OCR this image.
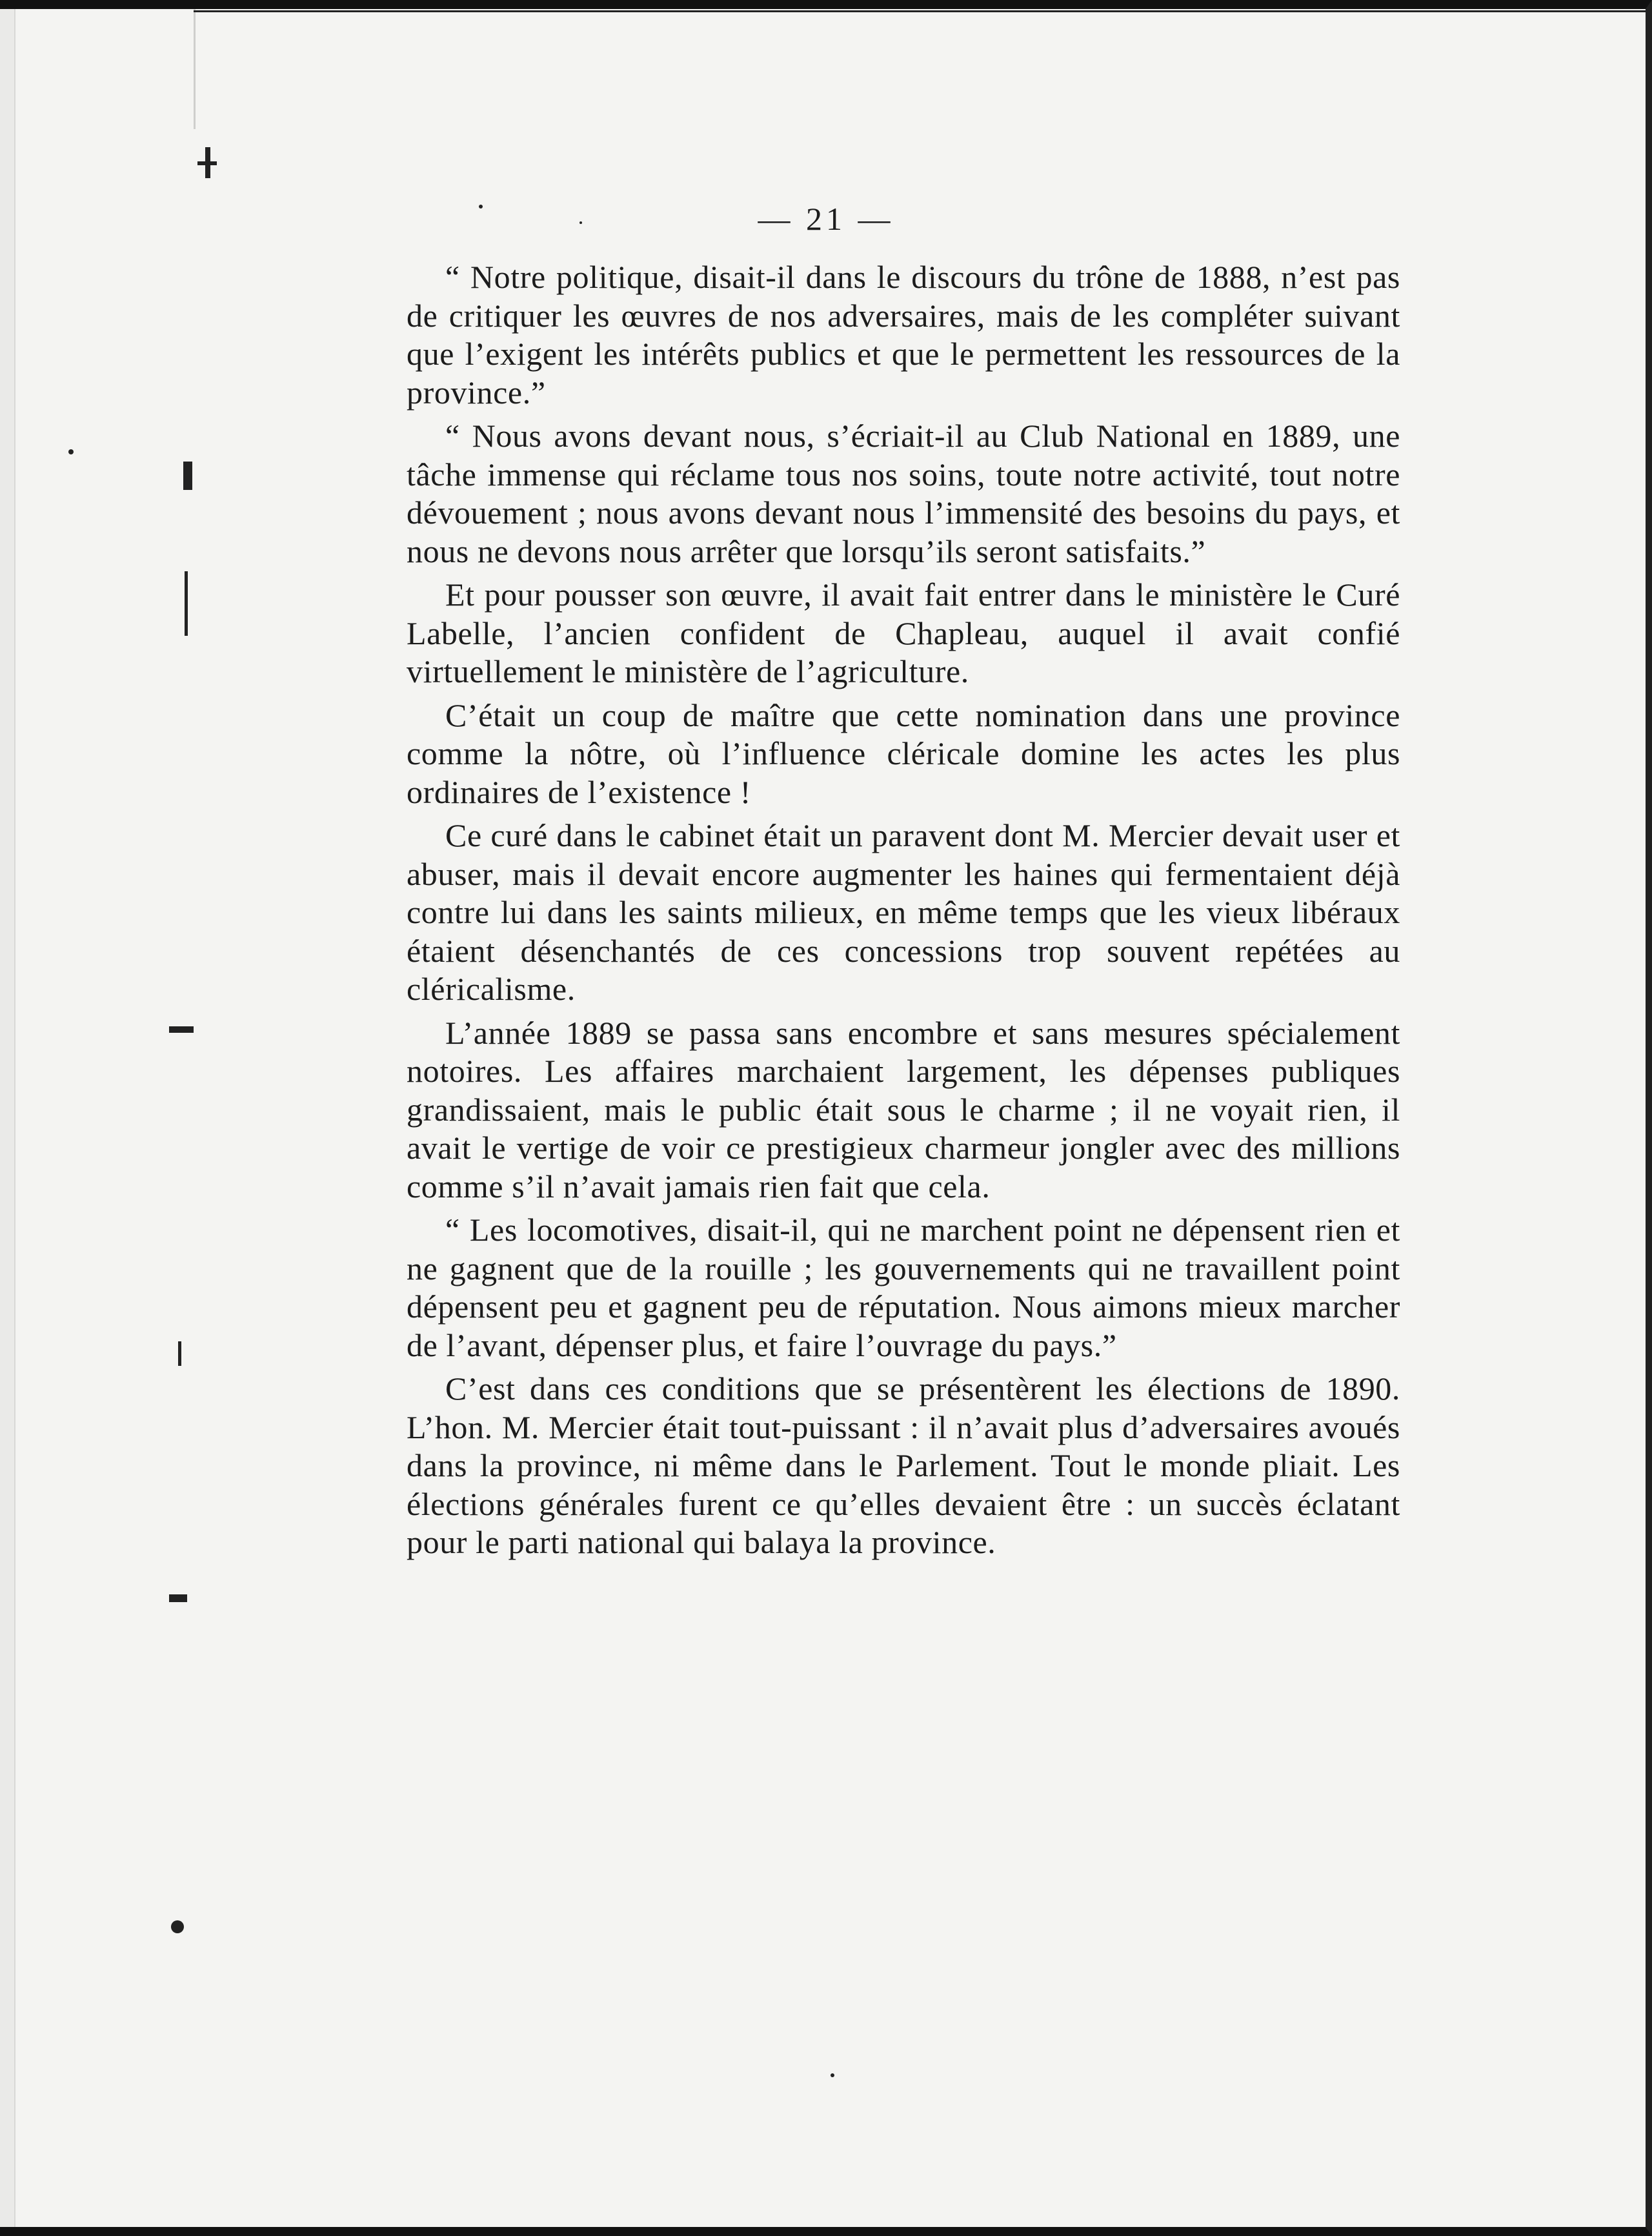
— 21 —

“ Notre politique, disait-il dans le discours du trône de 1888, n’est pas de critiquer les œuvres de nos adversaires, mais de les compléter suivant que l’exigent les intérêts publics et que le permettent les ressources de la province.”

“ Nous avons devant nous, s’écriait-il au Club National en 1889, une tâche immense qui réclame tous nos soins, toute notre activité, tout notre dévouement ; nous avons devant nous l’immensité des besoins du pays, et nous ne devons nous arrêter que lorsqu’ils seront satisfaits.”

Et pour pousser son œuvre, il avait fait entrer dans le ministère le Curé Labelle, l’ancien confident de Chapleau, auquel il avait confié virtuellement le ministère de l’agriculture.

C’était un coup de maître que cette nomination dans une province comme la nôtre, où l’influence cléricale domine les actes les plus ordinaires de l’existence !

Ce curé dans le cabinet était un paravent dont M. Mercier devait user et abuser, mais il devait encore augmenter les haines qui fermentaient déjà contre lui dans les saints milieux, en même temps que les vieux libéraux étaient désenchantés de ces concessions trop souvent repétées au cléricalisme.

L’année 1889 se passa sans encombre et sans mesures spécialement notoires. Les affaires marchaient largement, les dépenses publiques grandissaient, mais le public était sous le charme ; il ne voyait rien, il avait le vertige de voir ce prestigieux charmeur jongler avec des millions comme s’il n’avait jamais rien fait que cela.

“ Les locomotives, disait-il, qui ne marchent point ne dépensent rien et ne gagnent que de la rouille ; les gouvernements qui ne travaillent point dépensent peu et gagnent peu de réputation. Nous aimons mieux marcher de l’avant, dépenser plus, et faire l’ouvrage du pays.”

C’est dans ces conditions que se présentèrent les élections de 1890. L’hon. M. Mercier était tout-puissant : il n’avait plus d’adversaires avoués dans la province, ni même dans le Parlement. Tout le monde pliait. Les élections générales furent ce qu’elles devaient être : un succès éclatant pour le parti national qui balaya la province.
